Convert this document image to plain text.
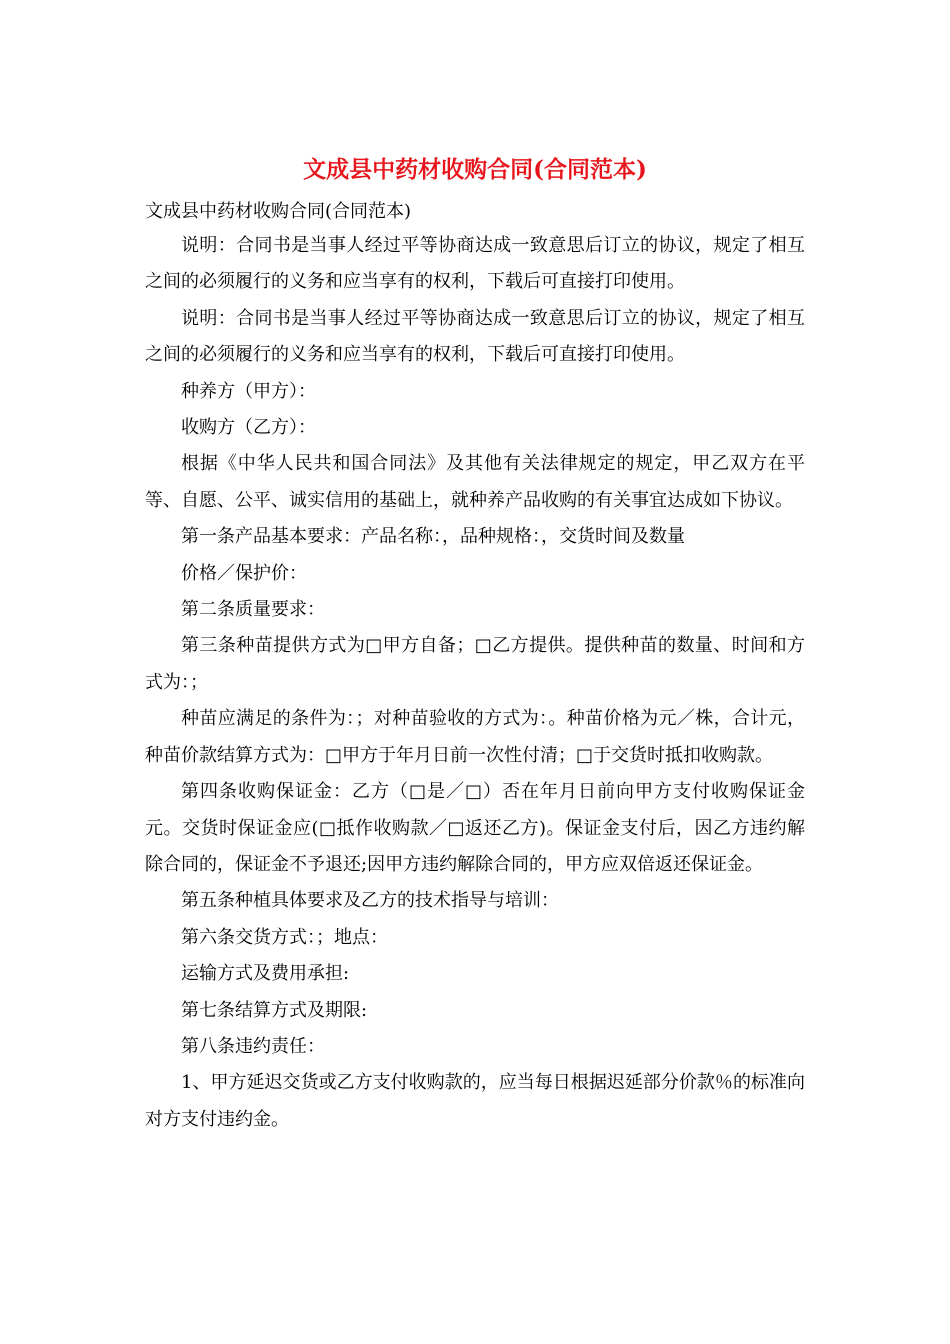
文成县中药材收购合同(合同范本)
文成县中药材收购合同(合同范本)

说明：合同书是当事人经过平等协商达成一致意思后订立的协议，规定了相互之间的必须履行的义务和应当享有的权利，下载后可直接打印使用。

说明：合同书是当事人经过平等协商达成一致意思后订立的协议，规定了相互之间的必须履行的义务和应当享有的权利，下载后可直接打印使用。

种养方（甲方）：

收购方（乙方）：

根据《中华人民共和国合同法》及其他有关法律规定的规定，甲乙双方在平等、自愿、公平、诚实信用的基础上，就种养产品收购的有关事宜达成如下协议。

第一条产品基本要求：产品名称：，品种规格：，交货时间及数量

价格／保护价：

第二条质量要求：

第三条种苗提供方式为□甲方自备；□乙方提供。提供种苗的数量、时间和方式为：；

种苗应满足的条件为：；对种苗验收的方式为：。种苗价格为元／株，合计元，种苗价款结算方式为：□甲方于年月日前一次性付清；□于交货时抵扣收购款。

第四条收购保证金：乙方（□是／□）否在年月日前向甲方支付收购保证金元。交货时保证金应(□抵作收购款／□返还乙方)。保证金支付后，因乙方违约解除合同的，保证金不予退还;因甲方违约解除合同的，甲方应双倍返还保证金。

第五条种植具体要求及乙方的技术指导与培训：

第六条交货方式：；地点：

运输方式及费用承担:

第七条结算方式及期限:

第八条违约责任：

1、甲方延迟交货或乙方支付收购款的，应当每日根据迟延部分价款％的标准向对方支付违约金。
